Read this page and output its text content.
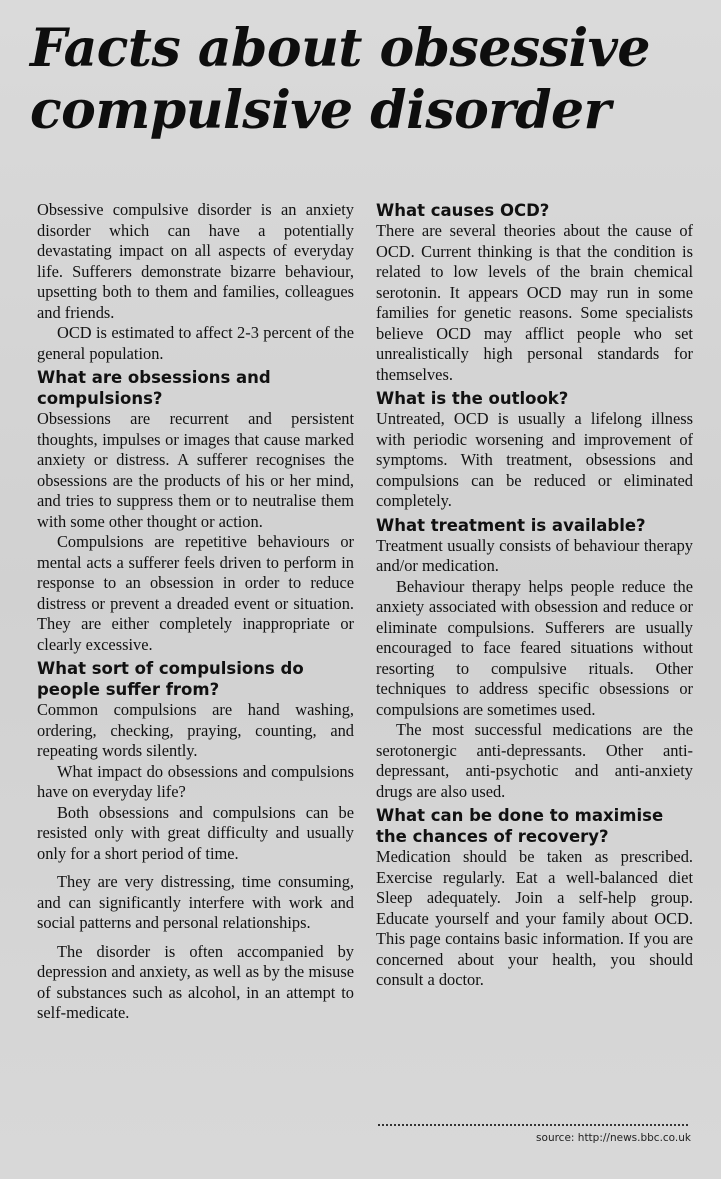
Facts about obsessive
compulsive disorder

Obsessive compulsive disorder is an anxiety disorder which can have a potentially devastating impact on all aspects of everyday life. Sufferers demonstrate bizarre behaviour, upsetting both to them and families, colleagues and friends.

OCD is estimated to affect 2-3 percent of the general population.

What are obsessions and compulsions?

Obsessions are recurrent and persistent thoughts, impulses or images that cause marked anxiety or distress. A sufferer recognises the obsessions are the products of his or her mind, and tries to suppress them or to neutralise them with some other thought or action.

Compulsions are repetitive behaviours or mental acts a sufferer feels driven to perform in response to an obsession in order to reduce distress or prevent a dreaded event or situation. They are either completely inappropriate or clearly excessive.

What sort of compulsions do people suffer from?

Common compulsions are hand washing, ordering, checking, praying, counting, and repeating words silently.

What impact do obsessions and compulsions have on everyday life?

Both obsessions and compulsions can be resisted only with great difficulty and usually only for a short period of time.

They are very distressing, time consuming, and can significantly interfere with work and social patterns and personal relationships.

The disorder is often accompanied by depression and anxiety, as well as by the misuse of substances such as alcohol, in an attempt to self-medicate.

What causes OCD?

There are several theories about the cause of OCD. Current thinking is that the condition is related to low levels of the brain chemical serotonin. It appears OCD may run in some families for genetic reasons. Some specialists believe OCD may afflict people who set unrealistically high personal standards for themselves.

What is the outlook?

Untreated, OCD is usually a lifelong illness with periodic worsening and improvement of symptoms. With treatment, obsessions and compulsions can be reduced or eliminated completely.

What treatment is available?

Treatment usually consists of behaviour therapy and/or medication.

Behaviour therapy helps people reduce the anxiety associated with obsession and reduce or eliminate compulsions. Sufferers are usually encouraged to face feared situations without resorting to compulsive rituals. Other techniques to address specific obsessions or compulsions are sometimes used.

The most successful medications are the serotonergic anti-depressants. Other anti-depressant, anti-psychotic and anti-anxiety drugs are also used.

What can be done to maximise the chances of recovery?

Medication should be taken as prescribed. Exercise regularly. Eat a well-balanced diet Sleep adequately. Join a self-help group. Educate yourself and your family about OCD. This page contains basic information. If you are concerned about your health, you should consult a doctor.

source: http://news.bbc.co.uk
